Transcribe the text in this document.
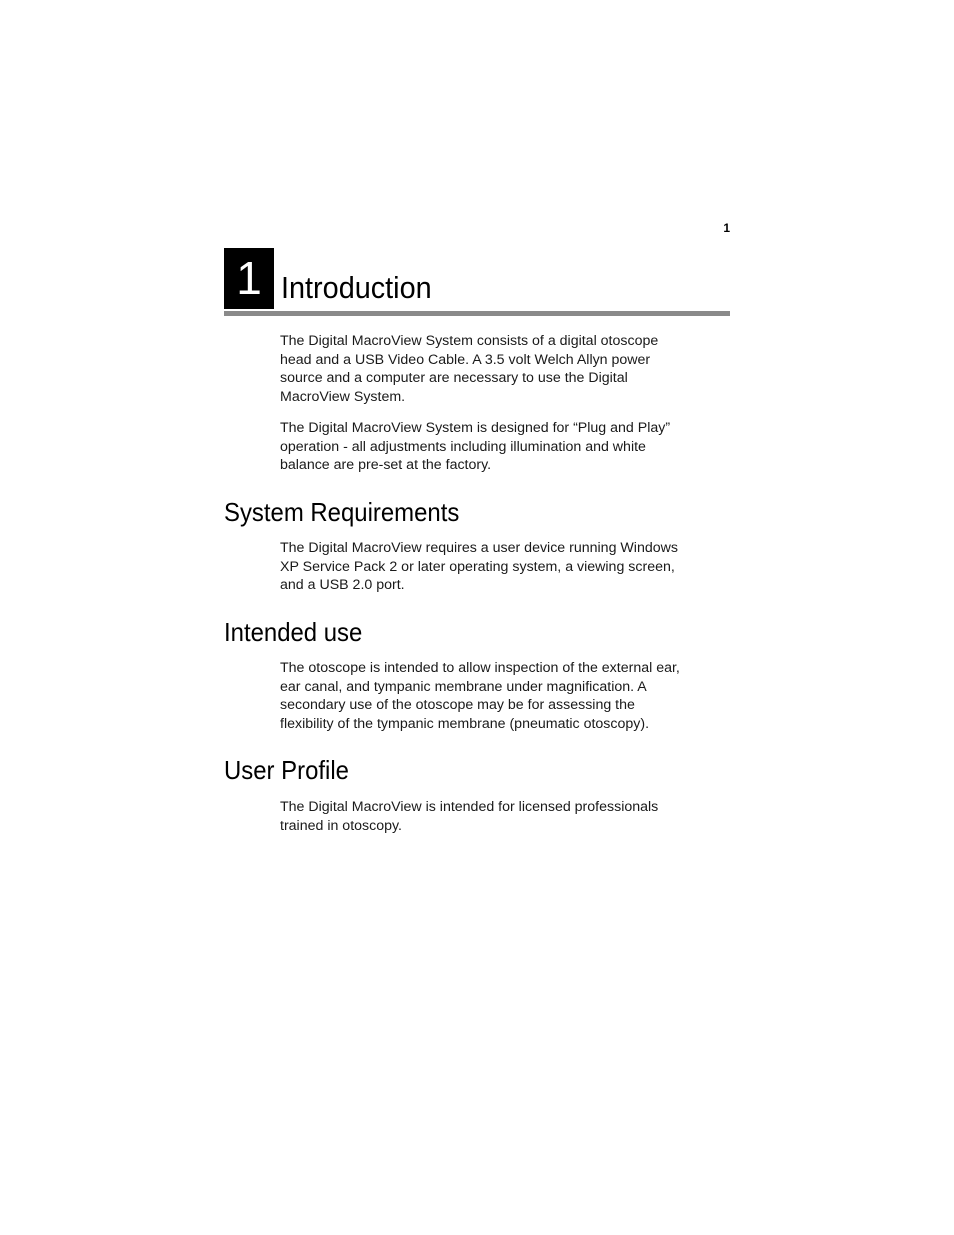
1
1 Introduction

The Digital MacroView System consists of a digital otoscope
head and a USB Video Cable. A 3.5 volt Welch Allyn power
source and a computer are necessary to use the Digital
MacroView System.

The Digital MacroView System is designed for “Plug and Play”
operation - all adjustments including illumination and white
balance are pre-set at the factory.

System Requirements

The Digital MacroView requires a user device running Windows
XP Service Pack 2 or later operating system, a viewing screen,
and a USB 2.0 port.

Intended use

The otoscope is intended to allow inspection of the external ear,
ear canal, and tympanic membrane under magnification. A
secondary use of the otoscope may be for assessing the
flexibility of the tympanic membrane (pneumatic otoscopy).

User Profile

The Digital MacroView is intended for licensed professionals
trained in otoscopy.
